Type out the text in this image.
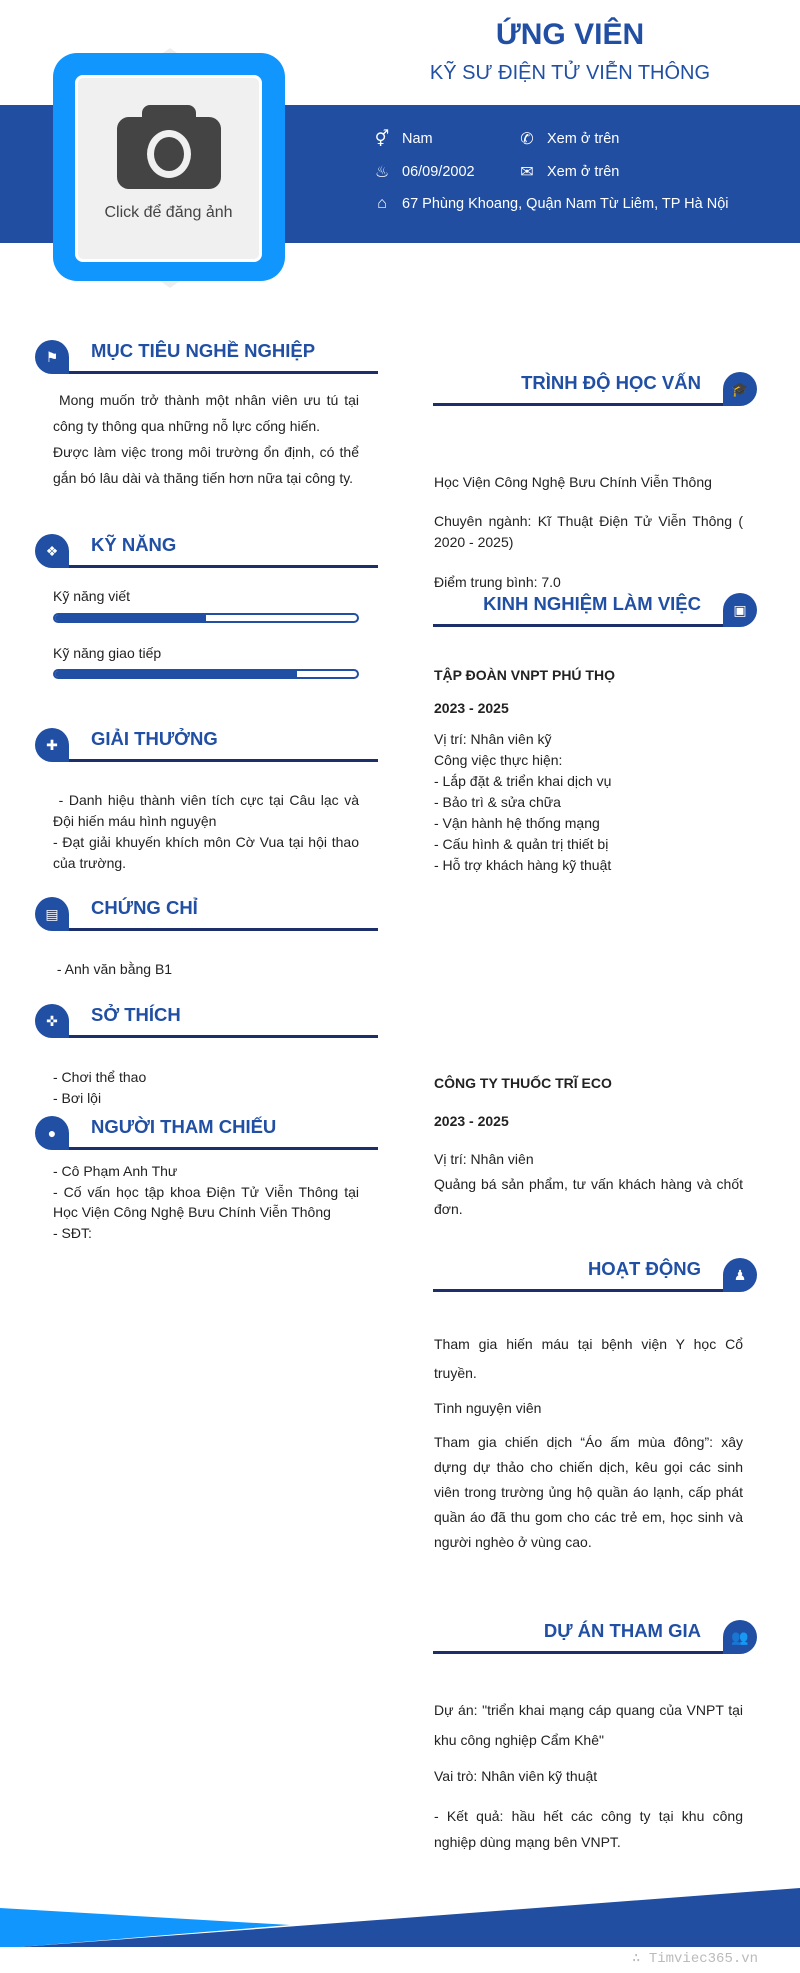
ỨNG VIÊN
KỸ SƯ ĐIỆN TỬ VIỄN THÔNG
⚥ Nam	✆ Xem ở trên
♨ 06/09/2002	✉ Xem ở trên
⌂	67 Phùng Khoang, Quận Nam Từ Liêm, TP Hà Nội
Click để đăng ảnh
⚑	MỤC TIÊU NGHỀ NGHIỆP
Mong muốn trở thành một nhân viên ưu tú tại công ty thông qua những nỗ lực cống hiến.
Được làm việc trong môi trường ổn định, có thể gắn bó lâu dài và thăng tiến hơn nữa tại công ty.
❖	KỸ NĂNG
Kỹ năng viết
Kỹ năng giao tiếp
✚	GIẢI THƯỞNG
- Danh hiệu thành viên tích cực tại Câu lạc và Đội hiến máu hình nguyện
- Đạt giải khuyến khích môn Cờ Vua tại hội thao của trường.
▤	CHỨNG CHỈ
- Anh văn bằng B1
✜	SỞ THÍCH
- Chơi thể thao
- Bơi lội
●	NGƯỜI THAM CHIẾU
- Cô Phạm Anh Thư
- Cố vấn học tập khoa Điện Tử Viễn Thông tại Học Viện Công Nghệ Bưu Chính Viễn Thông
- SĐT:
🎓
TRÌNH ĐỘ HỌC VẤN
Học Viện Công Nghệ Bưu Chính Viễn Thông
Chuyên ngành: Kĩ Thuật Điện Tử Viễn Thông ( 2020 - 2025)
Điểm trung bình: 7.0
▣
KINH NGHIỆM LÀM VIỆC
TẬP ĐOÀN VNPT PHÚ THỌ
2023 - 2025
Vị trí: Nhân viên kỹ
Công việc thực hiện:
- Lắp đặt & triển khai dịch vụ
- Bảo trì & sửa chữa
- Vận hành hệ thống mạng
- Cấu hình & quản trị thiết bị
- Hỗ trợ khách hàng kỹ thuật
CÔNG TY THUỐC TRĨ ECO
2023 - 2025
Vị trí: Nhân viên
Quảng bá sản phẩm, tư vấn khách hàng và chốt đơn.
♟
HOẠT ĐỘNG
Tham gia hiến máu tại bệnh viện Y học Cổ truyền.
Tình nguyện viên
Tham gia chiến dịch “Áo ấm mùa đông”: xây dựng dự thảo cho chiến dịch, kêu gọi các sinh viên trong trường ủng hộ quần áo lạnh, cấp phát quần áo đã thu gom cho các trẻ em, học sinh và người nghèo ở vùng cao.
👥
DỰ ÁN THAM GIA
Dự án: "triển khai mạng cáp quang của VNPT tại khu công nghiệp Cẩm Khê"
Vai trò: Nhân viên kỹ thuật
- Kết quả: hầu hết các công ty tại khu công nghiệp dùng mạng bên VNPT.
∴ Timviec365.vn
